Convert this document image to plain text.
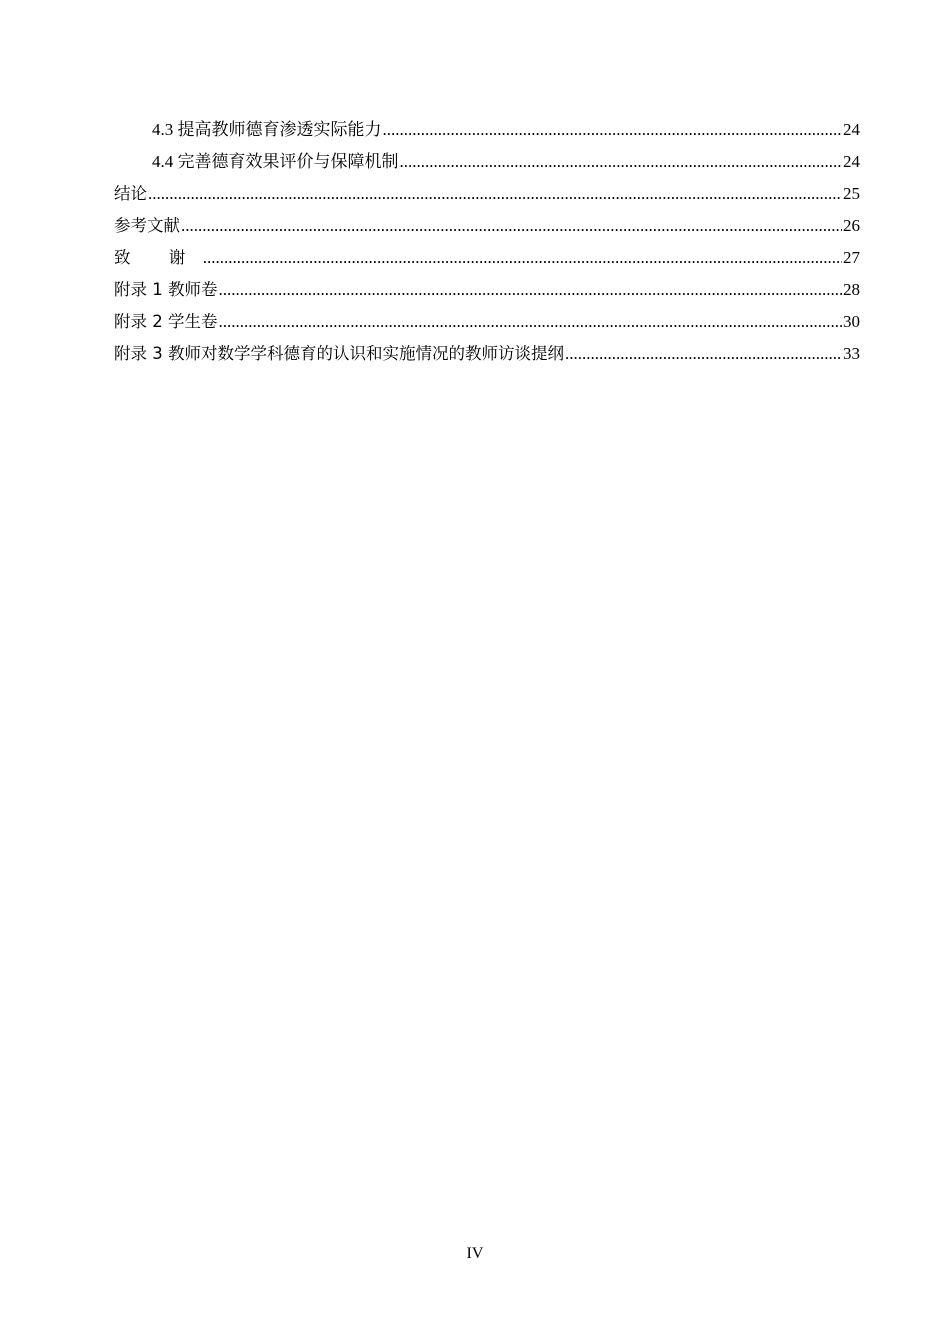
4.3 提高教师德育渗透实际能力 .....	24
4.4 完善德育效果评价与保障机制 .....	24
结论 .....	25
参考文献 .....	26
致 谢 .....	27
附录 1 教师卷 .....	28
附录 2 学生卷 .....	30
附录 3 教师对数学学科德育的认识和实施情况的教师访谈提纲 .....	33
IV
